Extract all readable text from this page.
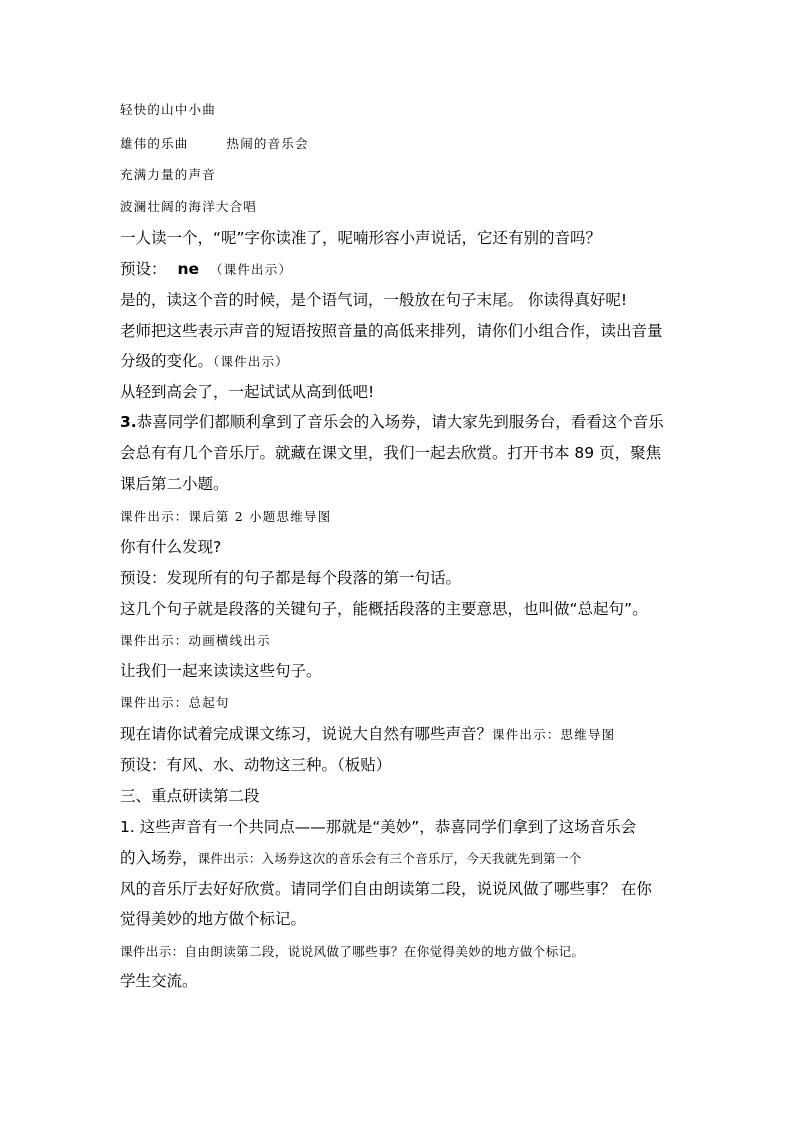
轻快的山中小曲
雄伟的乐曲	热闹的音乐会
充满力量的声音
波澜壮阔的海洋大合唱
一人读一个，“呢”字你读准了，呢喃形容小声说话，它还有别的音吗？
预设： ne （课件出示）
是的，读这个音的时候，是个语气词，一般放在句子末尾。 你读得真好呢!
老师把这些表示声音的短语按照音量的高低来排列，请你们小组合作，读出音量
分级的变化。（课件出示）
从轻到高会了，一起试试从高到低吧!
3.恭喜同学们都顺利拿到了音乐会的入场券，请大家先到服务台，看看这个音乐
会总有有几个音乐厅。就藏在课文里，我们一起去欣赏。打开书本 89 页，聚焦
课后第二小题。
课件出示：课后第 2 小题思维导图
你有什么发现?
预设：发现所有的句子都是每个段落的第一句话。
这几个句子就是段落的关键句子，能概括段落的主要意思，也叫做“总起句”。
课件出示：动画横线出示
让我们一起来读读这些句子。
课件出示：总起句
现在请你试着完成课文练习，说说大自然有哪些声音？课件出示：思维导图
预设：有风、水、动物这三种。（板贴）
三、重点研读第二段
1. 这些声音有一个共同点——那就是“美妙”，恭喜同学们拿到了这场音乐会
的入场券，课件出示：入场券这次的音乐会有三个音乐厅，今天我就先到第一个
风的音乐厅去好好欣赏。请同学们自由朗读第二段，说说风做了哪些事？ 在你
觉得美妙的地方做个标记。
课件出示：自由朗读第二段，说说风做了哪些事？在你觉得美妙的地方做个标记。
学生交流。
